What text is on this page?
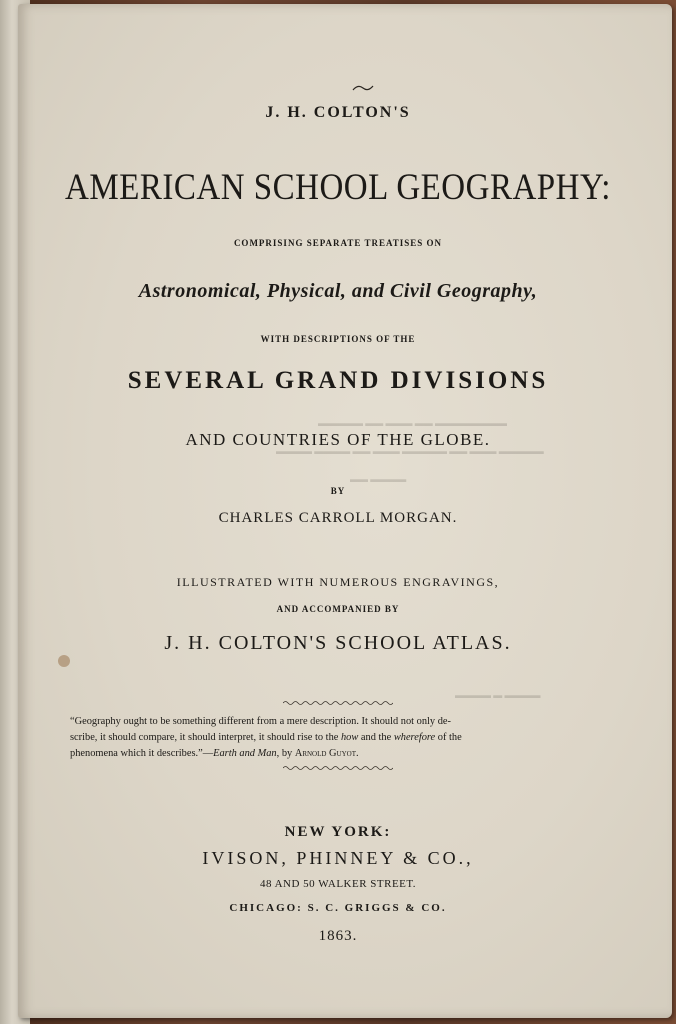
▬▬▬▬▬ ▬▬ ▬▬▬ ▬▬ ▬▬▬▬▬▬▬▬
▬▬▬▬ ▬▬▬▬ ▬▬ ▬▬▬ ▬▬▬▬▬ ▬▬ ▬▬▬ ▬▬▬▬▬
▬▬ ▬▬▬▬
▬▬▬▬ ▬ ▬▬▬▬
J. H. COLTON'S
AMERICAN SCHOOL GEOGRAPHY:
COMPRISING SEPARATE TREATISES ON
Astronomical, Physical, and Civil Geography,
WITH DESCRIPTIONS OF THE
SEVERAL GRAND DIVISIONS
AND COUNTRIES OF THE GLOBE.
BY
CHARLES CARROLL MORGAN.
ILLUSTRATED WITH NUMEROUS ENGRAVINGS,
AND ACCOMPANIED BY
J. H. COLTON'S SCHOOL ATLAS.
“Geography ought to be something different from a mere description. It should not only de-
scribe, it should compare, it should interpret, it should rise to the how and the wherefore of the
phenomena which it describes.”—Earth and Man, by Arnold Guyot.
NEW YORK:
IVISON, PHINNEY & CO.,
48 AND 50 WALKER STREET.
CHICAGO: S. C. GRIGGS & CO.
1863.
